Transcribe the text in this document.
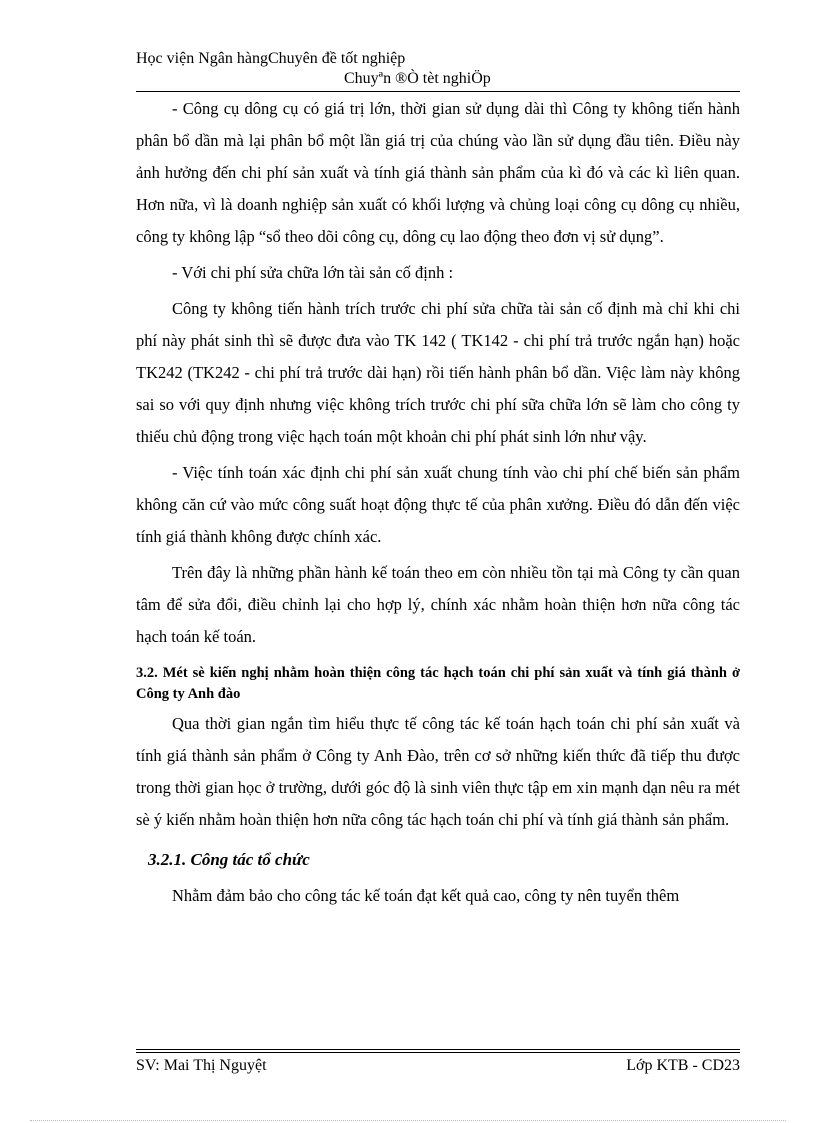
Học viện Ngân hàngChuyên đề tốt nghiệp
Chuyªn ®Ò tèt nghiÖp

- Công cụ dông cụ có giá trị lớn, thời gian sử dụng dài thì Công ty không tiến hành phân bổ dần mà lại phân bổ một lần giá trị của chúng vào lần sử dụng đầu tiên. Điều này ảnh hưởng đến chi phí sản xuất và tính giá thành sản phẩm của kì đó và các kì liên quan. Hơn nữa, vì là doanh nghiệp sản xuất có khối lượng và chủng loại công cụ dông cụ nhiều, công ty không lập “sổ theo dõi công cụ, dông cụ lao động theo đơn vị sử dụng”.

- Với chi phí sửa chữa lớn tài sản cố định :

Công ty không tiến hành trích trước chi phí sửa chữa tài sản cố định mà chỉ khi chi phí này phát sinh thì sẽ được đưa vào TK 142 ( TK142 - chi phí trả trước ngắn hạn) hoặc TK242 (TK242 - chi phí trả trước dài hạn) rồi tiến hành phân bổ dần. Việc làm này không sai so với quy định nhưng việc không trích trước chi phí sữa chữa lớn sẽ làm cho công ty thiếu chủ động trong việc hạch toán một khoản chi phí phát sinh lớn như vậy.

- Việc tính toán xác định chi phí sản xuất chung tính vào chi phí chế biến sản phẩm không căn cứ vào mức công suất hoạt động thực tế của phân xưởng. Điều đó dẫn đến việc tính giá thành không được chính xác.

Trên đây là những phần hành kế toán theo em còn nhiều tồn tại mà Công ty cần quan tâm để sửa đổi, điều chỉnh lại cho hợp lý, chính xác nhằm hoàn thiện hơn nữa công tác hạch toán kế toán.

3.2. Mét sè kiến nghị nhằm hoàn thiện công tác hạch toán chi phí sản xuất và tính giá thành ở Công ty Anh đào

Qua thời gian ngắn tìm hiểu thực tế công tác kế toán hạch toán chi phí sản xuất và tính giá thành sản phẩm ở Công ty Anh Đào, trên cơ sở những kiến thức đã tiếp thu được trong thời gian học ở trường, dưới góc độ là sinh viên thực tập em xin mạnh dạn nêu ra mét sè ý kiến nhằm hoàn thiện hơn nữa công tác hạch toán chi phí và tính giá thành sản phẩm.

3.2.1. Công tác tổ chức

Nhằm đảm bảo cho công tác kế toán đạt kết quả cao, công ty nên tuyển thêm

SV: Mai Thị Nguyệt	Lớp KTB - CD23
